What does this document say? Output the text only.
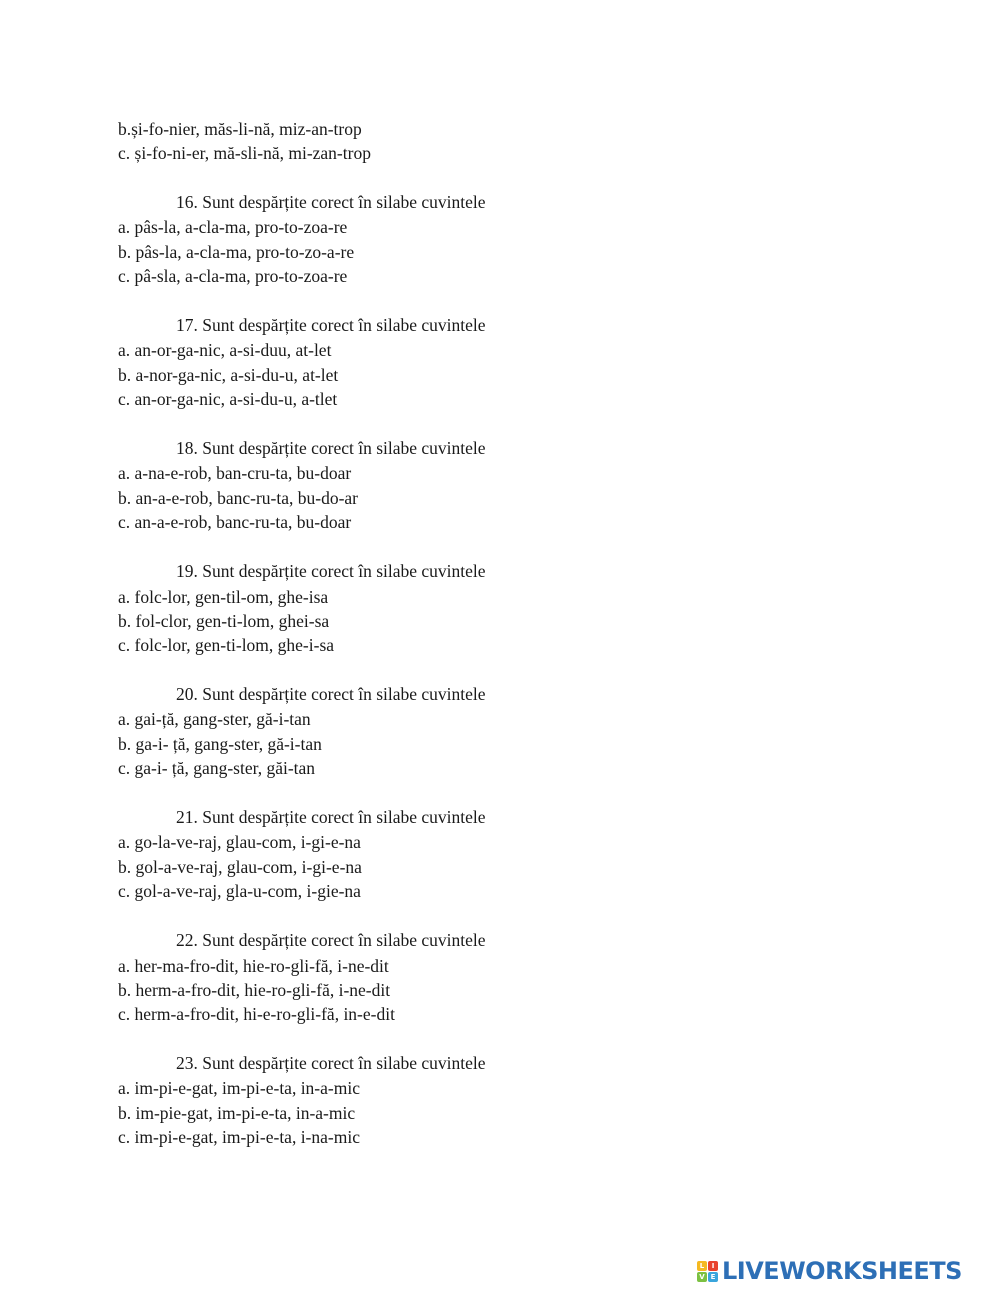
b.și-fo-nier, măs-li-nă, miz-an-trop
c. și-fo-ni-er, mă-sli-nă, mi-zan-trop
16. Sunt despărțite corect în silabe cuvintele
a. pâs-la, a-cla-ma, pro-to-zoa-re
b. pâs-la, a-cla-ma, pro-to-zo-a-re
c. pâ-sla, a-cla-ma, pro-to-zoa-re
17. Sunt despărțite corect în silabe cuvintele
a. an-or-ga-nic, a-si-duu, at-let
b. a-nor-ga-nic, a-si-du-u, at-let
c. an-or-ga-nic, a-si-du-u, a-tlet
18. Sunt despărțite corect în silabe cuvintele
a. a-na-e-rob, ban-cru-ta, bu-doar
b. an-a-e-rob, banc-ru-ta, bu-do-ar
c. an-a-e-rob, banc-ru-ta, bu-doar
19. Sunt despărțite corect în silabe cuvintele
a. folc-lor, gen-til-om, ghe-isa
b. fol-clor, gen-ti-lom, ghei-sa
c. folc-lor, gen-ti-lom, ghe-i-sa
20. Sunt despărțite corect în silabe cuvintele
a. gai-ță, gang-ster, gă-i-tan
b. ga-i- ță, gang-ster, gă-i-tan
c. ga-i- ță, gang-ster, găi-tan
21. Sunt despărțite corect în silabe cuvintele
a. go-la-ve-raj, glau-com, i-gi-e-na
b. gol-a-ve-raj, glau-com, i-gi-e-na
c. gol-a-ve-raj, gla-u-com, i-gie-na
22. Sunt despărțite corect în silabe cuvintele
a. her-ma-fro-dit, hie-ro-gli-fă, i-ne-dit
b. herm-a-fro-dit, hie-ro-gli-fă, i-ne-dit
c. herm-a-fro-dit, hi-e-ro-gli-fă, in-e-dit
23. Sunt despărțite corect în silabe cuvintele
a. im-pi-e-gat, im-pi-e-ta, in-a-mic
b. im-pie-gat, im-pi-e-ta, in-a-mic
c. im-pi-e-gat, im-pi-e-ta, i-na-mic
L	I
V E LIVEWORKSHEETS
